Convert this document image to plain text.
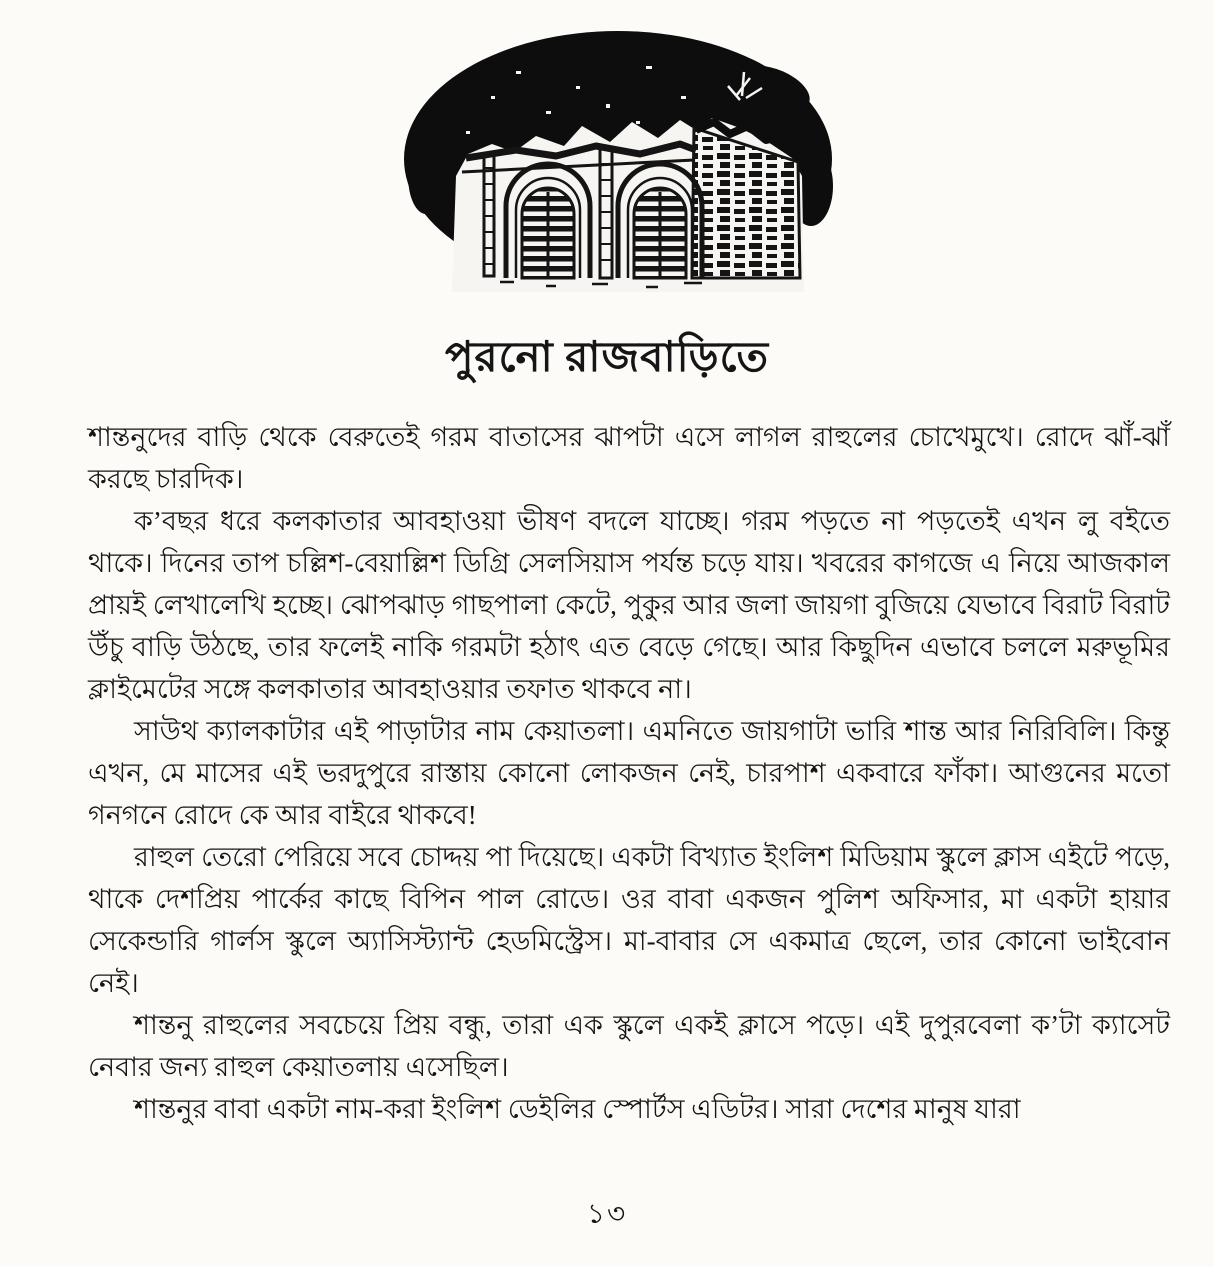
পুরনো রাজবাড়িতে

শান্তনুদের বাড়ি থেকে বেরুতেই গরম বাতাসের ঝাপটা এসে লাগল রাহুলের চোখেমুখে। রোদে ঝাঁ-ঝাঁ করছে চারদিক।

ক’বছর ধরে কলকাতার আবহাওয়া ভীষণ বদলে যাচ্ছে। গরম পড়তে না পড়তেই এখন লু বইতে থাকে। দিনের তাপ চল্লিশ-বেয়াল্লিশ ডিগ্রি সেলসিয়াস পর্যন্ত চড়ে যায়। খবরের কাগজে এ নিয়ে আজকাল প্রায়ই লেখালেখি হচ্ছে। ঝোপঝাড় গাছপালা কেটে, পুকুর আর জলা জায়গা বুজিয়ে যেভাবে বিরাট বিরাট উঁচু বাড়ি উঠছে, তার ফলেই নাকি গরমটা হঠাৎ এত বেড়ে গেছে। আর কিছুদিন এভাবে চললে মরুভূমির ক্লাইমেটের সঙ্গে কলকাতার আবহাওয়ার তফাত থাকবে না।

সাউথ ক্যালকাটার এই পাড়াটার নাম কেয়াতলা। এমনিতে জায়গাটা ভারি শান্ত আর নিরিবিলি। কিন্তু এখন, মে মাসের এই ভরদুপুরে রাস্তায় কোনো লোকজন নেই, চারপাশ একবারে ফাঁকা। আগুনের মতো গনগনে রোদে কে আর বাইরে থাকবে!

রাহুল তেরো পেরিয়ে সবে চোদ্দয় পা দিয়েছে। একটা বিখ্যাত ইংলিশ মিডিয়াম স্কুলে ক্লাস এইটে পড়ে, থাকে দেশপ্রিয় পার্কের কাছে বিপিন পাল রোডে। ওর বাবা একজন পুলিশ অফিসার, মা একটা হায়ার সেকেন্ডারি গার্লস স্কুলে অ্যাসিস্ট্যান্ট হেডমিস্ট্রেস। মা-বাবার সে একমাত্র ছেলে, তার কোনো ভাইবোন নেই।

শান্তনু রাহুলের সবচেয়ে প্রিয় বন্ধু, তারা এক স্কুলে একই ক্লাসে পড়ে। এই দুপুরবেলা ক’টা ক্যাসেট নেবার জন্য রাহুল কেয়াতলায় এসেছিল।

শান্তনুর বাবা একটা নাম-করা ইংলিশ ডেইলির স্পোর্টস এডিটর। সারা দেশের মানুষ যারা

১৩
